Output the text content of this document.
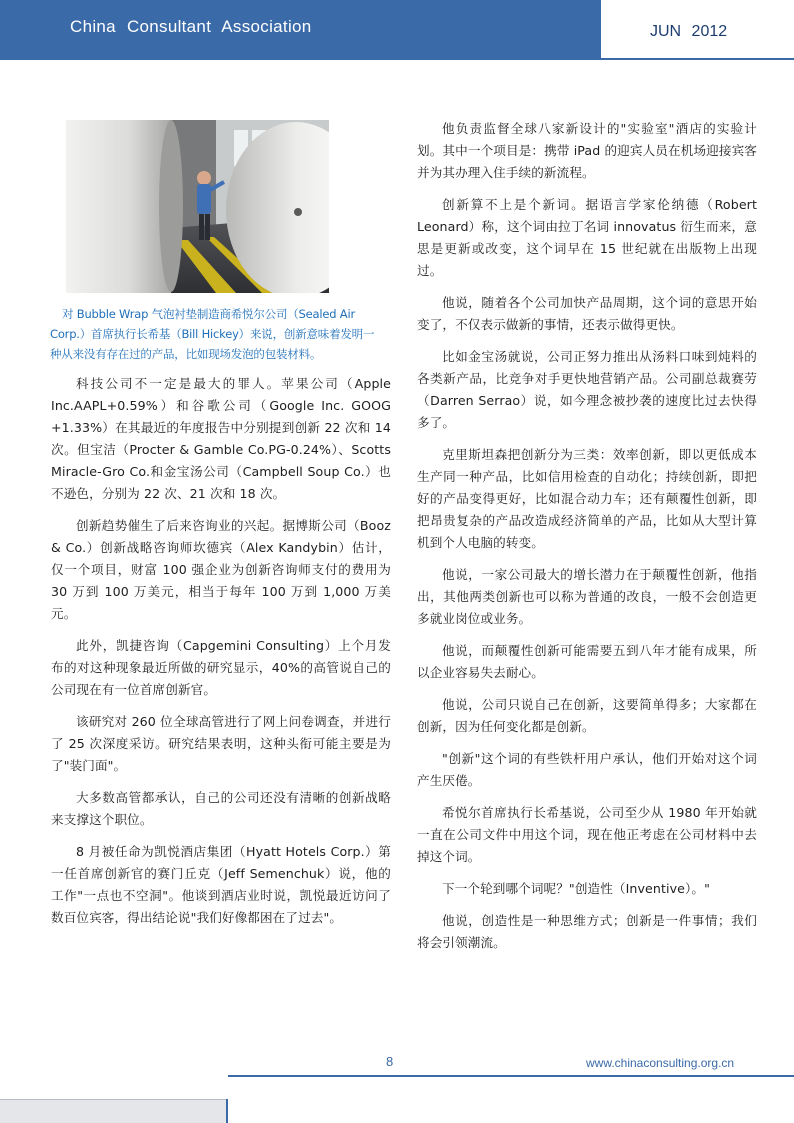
China Consultant Association	JUN 2012
对 Bubble Wrap 气泡衬垫制造商希悦尔公司（Sealed Air Corp.）首席执行长希基（Bill Hickey）来说，创新意味着发明一种从来没有存在过的产品，比如现场发泡的包装材料。

科技公司不一定是最大的罪人。苹果公司（Apple Inc.AAPL+0.59%）和谷歌公司（Google Inc. GOOG +1.33%）在其最近的年度报告中分别提到创新 22 次和 14 次。但宝洁（Procter & Gamble Co.PG-0.24%）、Scotts Miracle-Gro Co.和金宝汤公司（Campbell Soup Co.）也不逊色，分别为 22 次、21 次和 18 次。

创新趋势催生了后来咨询业的兴起。据博斯公司（Booz & Co.）创新战略咨询师坎德宾（Alex Kandybin）估计，仅一个项目，财富 100 强企业为创新咨询师支付的费用为 30 万到 100 万美元，相当于每年 100 万到 1,000 万美元。

此外，凯捷咨询（Capgemini Consulting）上个月发布的对这种现象最近所做的研究显示，40%的高管说自己的公司现在有一位首席创新官。

该研究对 260 位全球高管进行了网上问卷调查，并进行了 25 次深度采访。研究结果表明，这种头衔可能主要是为了"装门面"。

大多数高管都承认，自己的公司还没有清晰的创新战略来支撑这个职位。

8 月被任命为凯悦酒店集团（Hyatt Hotels Corp.）第一任首席创新官的赛门丘克（Jeff Semenchuk）说，他的工作"一点也不空洞"。他谈到酒店业时说，凯悦最近访问了数百位宾客，得出结论说"我们好像都困在了过去"。

他负责监督全球八家新设计的"实验室"酒店的实验计划。其中一个项目是：携带 iPad 的迎宾人员在机场迎接宾客并为其办理入住手续的新流程。

创新算不上是个新词。据语言学家伦纳德（Robert Leonard）称，这个词由拉丁名词 innovatus 衍生而来，意思是更新或改变，这个词早在 15 世纪就在出版物上出现过。

他说，随着各个公司加快产品周期，这个词的意思开始变了，不仅表示做新的事情，还表示做得更快。

比如金宝汤就说，公司正努力推出从汤料口味到炖料的各类新产品，比竞争对手更快地营销产品。公司副总裁赛劳（Darren Serrao）说，如今理念被抄袭的速度比过去快得多了。

克里斯坦森把创新分为三类：效率创新，即以更低成本生产同一种产品，比如信用检查的自动化；持续创新，即把好的产品变得更好，比如混合动力车；还有颠覆性创新，即把昂贵复杂的产品改造成经济简单的产品，比如从大型计算机到个人电脑的转变。

他说，一家公司最大的增长潜力在于颠覆性创新，他指出，其他两类创新也可以称为普通的改良，一般不会创造更多就业岗位或业务。

他说，而颠覆性创新可能需要五到八年才能有成果，所以企业容易失去耐心。

他说，公司只说自己在创新，这要简单得多；大家都在创新，因为任何变化都是创新。

"创新"这个词的有些铁杆用户承认，他们开始对这个词产生厌倦。

希悦尔首席执行长希基说，公司至少从 1980 年开始就一直在公司文件中用这个词，现在他正考虑在公司材料中去掉这个词。

下一个轮到哪个词呢？"创造性（Inventive）。"

他说，创造性是一种思维方式；创新是一件事情；我们将会引领潮流。

8	www.chinaconsulting.org.cn
